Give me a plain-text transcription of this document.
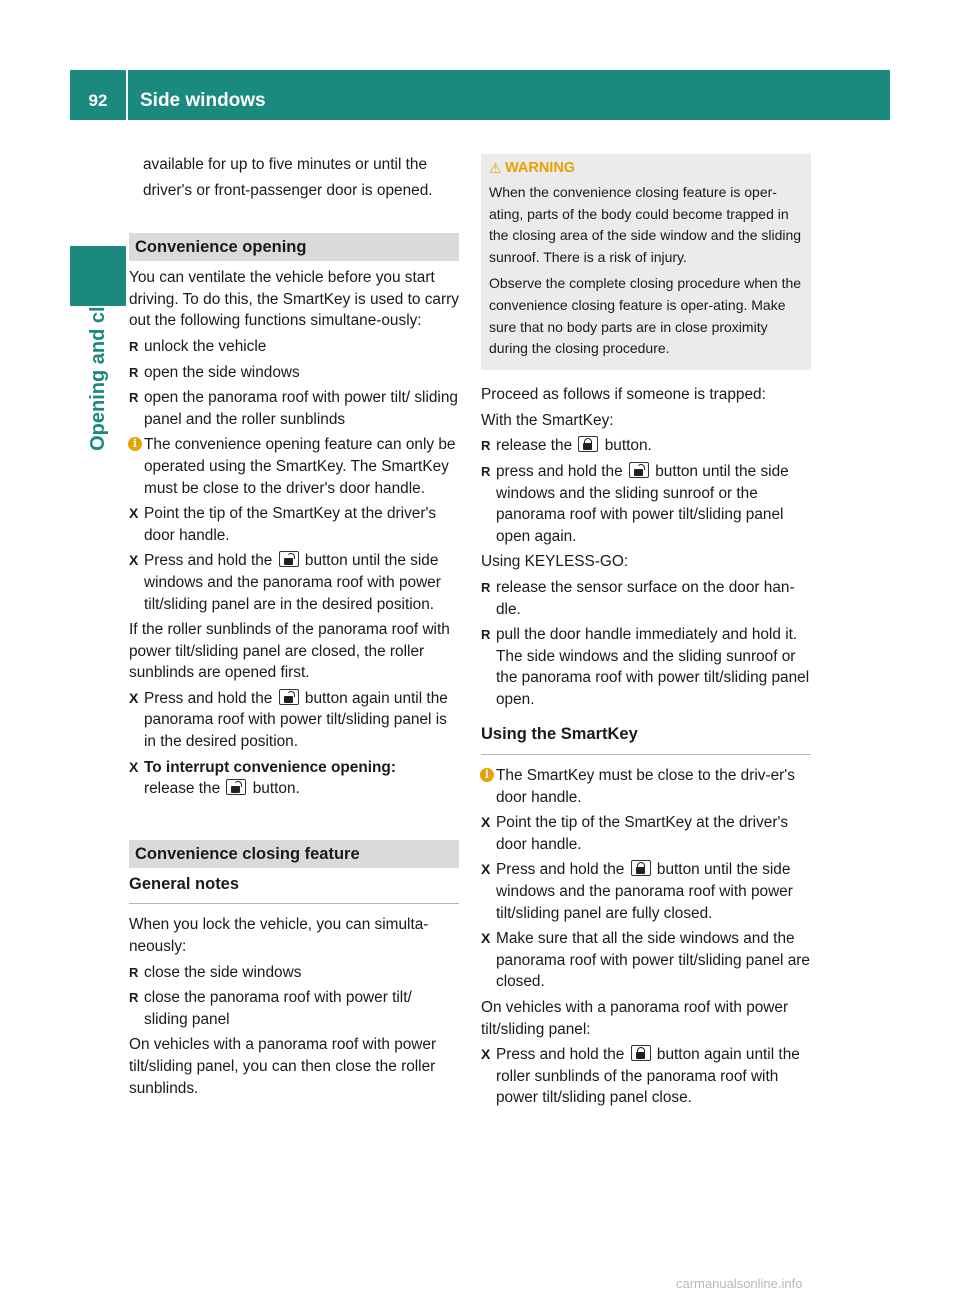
92	Side windows
Opening and closing

available for up to five minutes or until the

driver's or front-passenger door is opened.

Convenience opening

You can ventilate the vehicle before you start driving. To do this, the SmartKey is used to carry out the following functions simultane-ously:

R unlock the vehicle
R open the side windows
R open the panorama roof with power tilt/ sliding panel and the roller sunblinds
i The convenience opening feature can only be operated using the SmartKey. The SmartKey must be close to the driver's door handle.
X Point the tip of the SmartKey at the driver's door handle.
X Press and hold the button until the side windows and the panorama roof with power tilt/sliding panel are in the desired position.

If the roller sunblinds of the panorama roof with power tilt/sliding panel are closed, the roller sunblinds are opened first.

X Press and hold the button again until the panorama roof with power tilt/sliding panel is in the desired position.
X To interrupt convenience opening:
release the button.
Convenience closing feature
General notes

When you lock the vehicle, you can simulta-neously:

R close the side windows
R close the panorama roof with power tilt/ sliding panel

On vehicles with a panorama roof with power tilt/sliding panel, you can then close the roller sunblinds.

⚠ WARNING

When the convenience closing feature is oper-ating, parts of the body could become trapped in the closing area of the side window and the sliding sunroof. There is a risk of injury.

Observe the complete closing procedure when the convenience closing feature is oper-ating. Make sure that no body parts are in close proximity during the closing procedure.

Proceed as follows if someone is trapped:

With the SmartKey:

R release the button.
R press and hold the button until the side windows and the sliding sunroof or the panorama roof with power tilt/sliding panel open again.

Using KEYLESS-GO:

R release the sensor surface on the door han-dle.
R pull the door handle immediately and hold it.
The side windows and the sliding sunroof or the panorama roof with power tilt/sliding panel open.
Using the SmartKey
i The SmartKey must be close to the driv-er's door handle.
X Point the tip of the SmartKey at the driver's door handle.
X Press and hold the button until the side windows and the panorama roof with power tilt/sliding panel are fully closed.
X Make sure that all the side windows and the panorama roof with power tilt/sliding panel are closed.

On vehicles with a panorama roof with power tilt/sliding panel:

X Press and hold the button again until the roller sunblinds of the panorama roof with power tilt/sliding panel close.
carmanualsonline.info
